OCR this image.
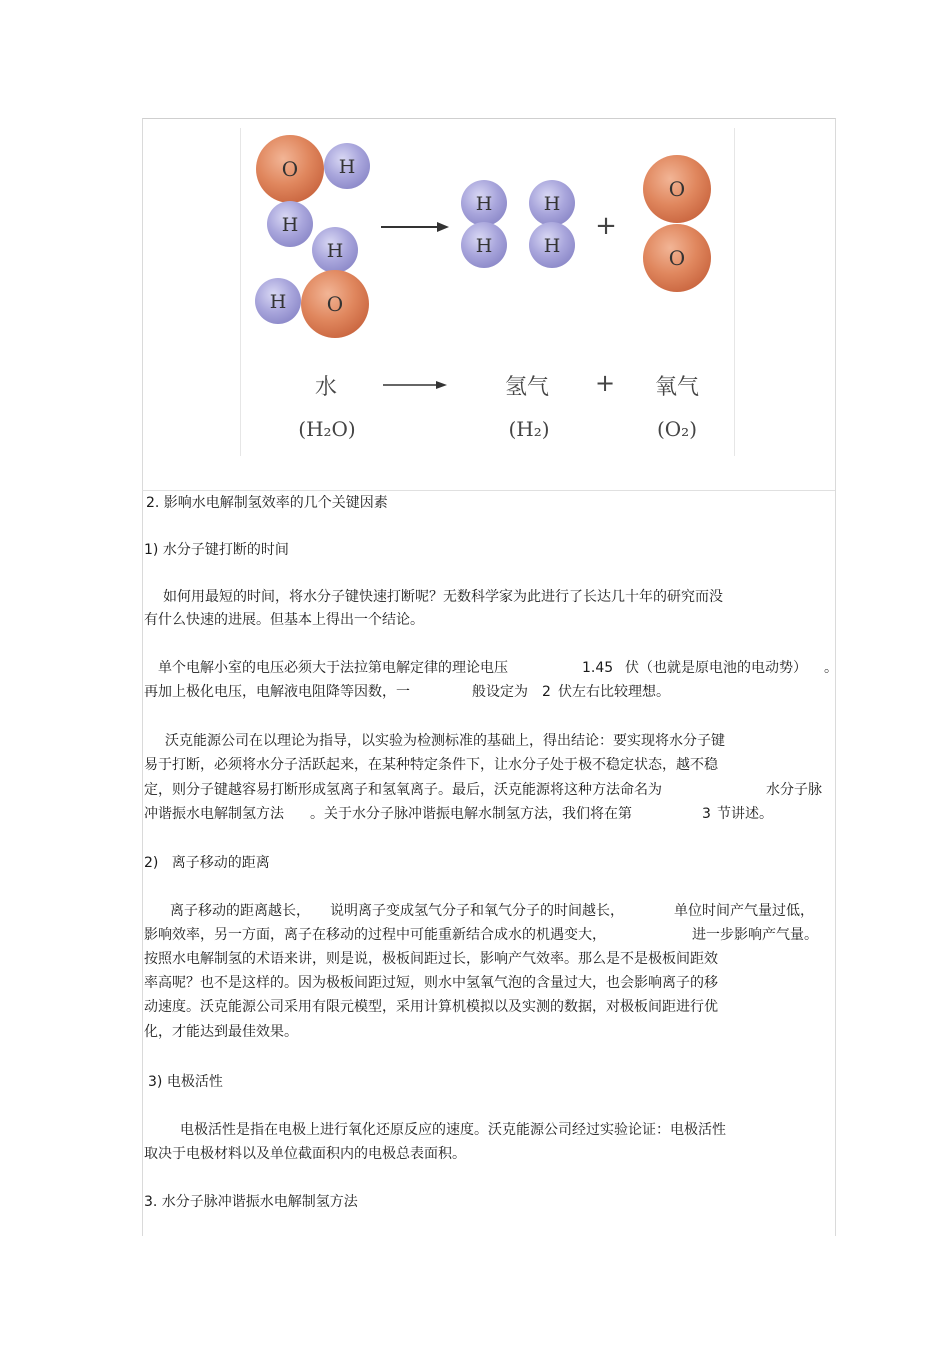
O H
H
H
O
H
H
H
H
H
+
O
O
水	氢气 + 氧气
(H₂O)	(H₂)	(O₂)
2. 影响水电解制氢效率的几个关键因素
1) 水分子键打断的时间
如何用最短的时间，将水分子键快速打断呢？无数科学家为此进行了长达几十年的研究而没
有什么快速的进展。但基本上得出一个结论。
单个电解小室的电压必须大于法拉第电解定律的理论电压	1.45 伏（也就是原电池的电动势） 。
再加上极化电压，电解液电阻降等因数，一	般设定为 2 伏左右比较理想。
沃克能源公司在以理论为指导，以实验为检测标准的基础上，得出结论：要实现将水分子键
易于打断，必须将水分子活跃起来，在某种特定条件下，让水分子处于极不稳定状态，越不稳
定，则分子键越容易打断形成氢离子和氢氧离子。最后，沃克能源将这种方法命名为	水分子脉
冲谐振水电解制氢方法 。关于水分子脉冲谐振电解水制氢方法，我们将在第	3 节讲述。
2)   离子移动的距离
离子移动的距离越长， 说明离子变成氢气分子和氧气分子的时间越长，	单位时间产气量过低，
影响效率，另一方面，离子在移动的过程中可能重新结合成水的机遇变大，	进一步影响产气量。
按照水电解制氢的术语来讲，则是说，极板间距过长，影响产气效率。那么是不是极板间距效
率高呢？也不是这样的。因为极板间距过短，则水中氢氧气泡的含量过大，也会影响离子的移
动速度。沃克能源公司采用有限元模型，采用计算机模拟以及实测的数据，对极板间距进行优
化，才能达到最佳效果。
3) 电极活性
电极活性是指在电极上进行氧化还原反应的速度。沃克能源公司经过实验论证：电极活性
取决于电极材料以及单位截面积内的电极总表面积。
3. 水分子脉冲谐振水电解制氢方法
